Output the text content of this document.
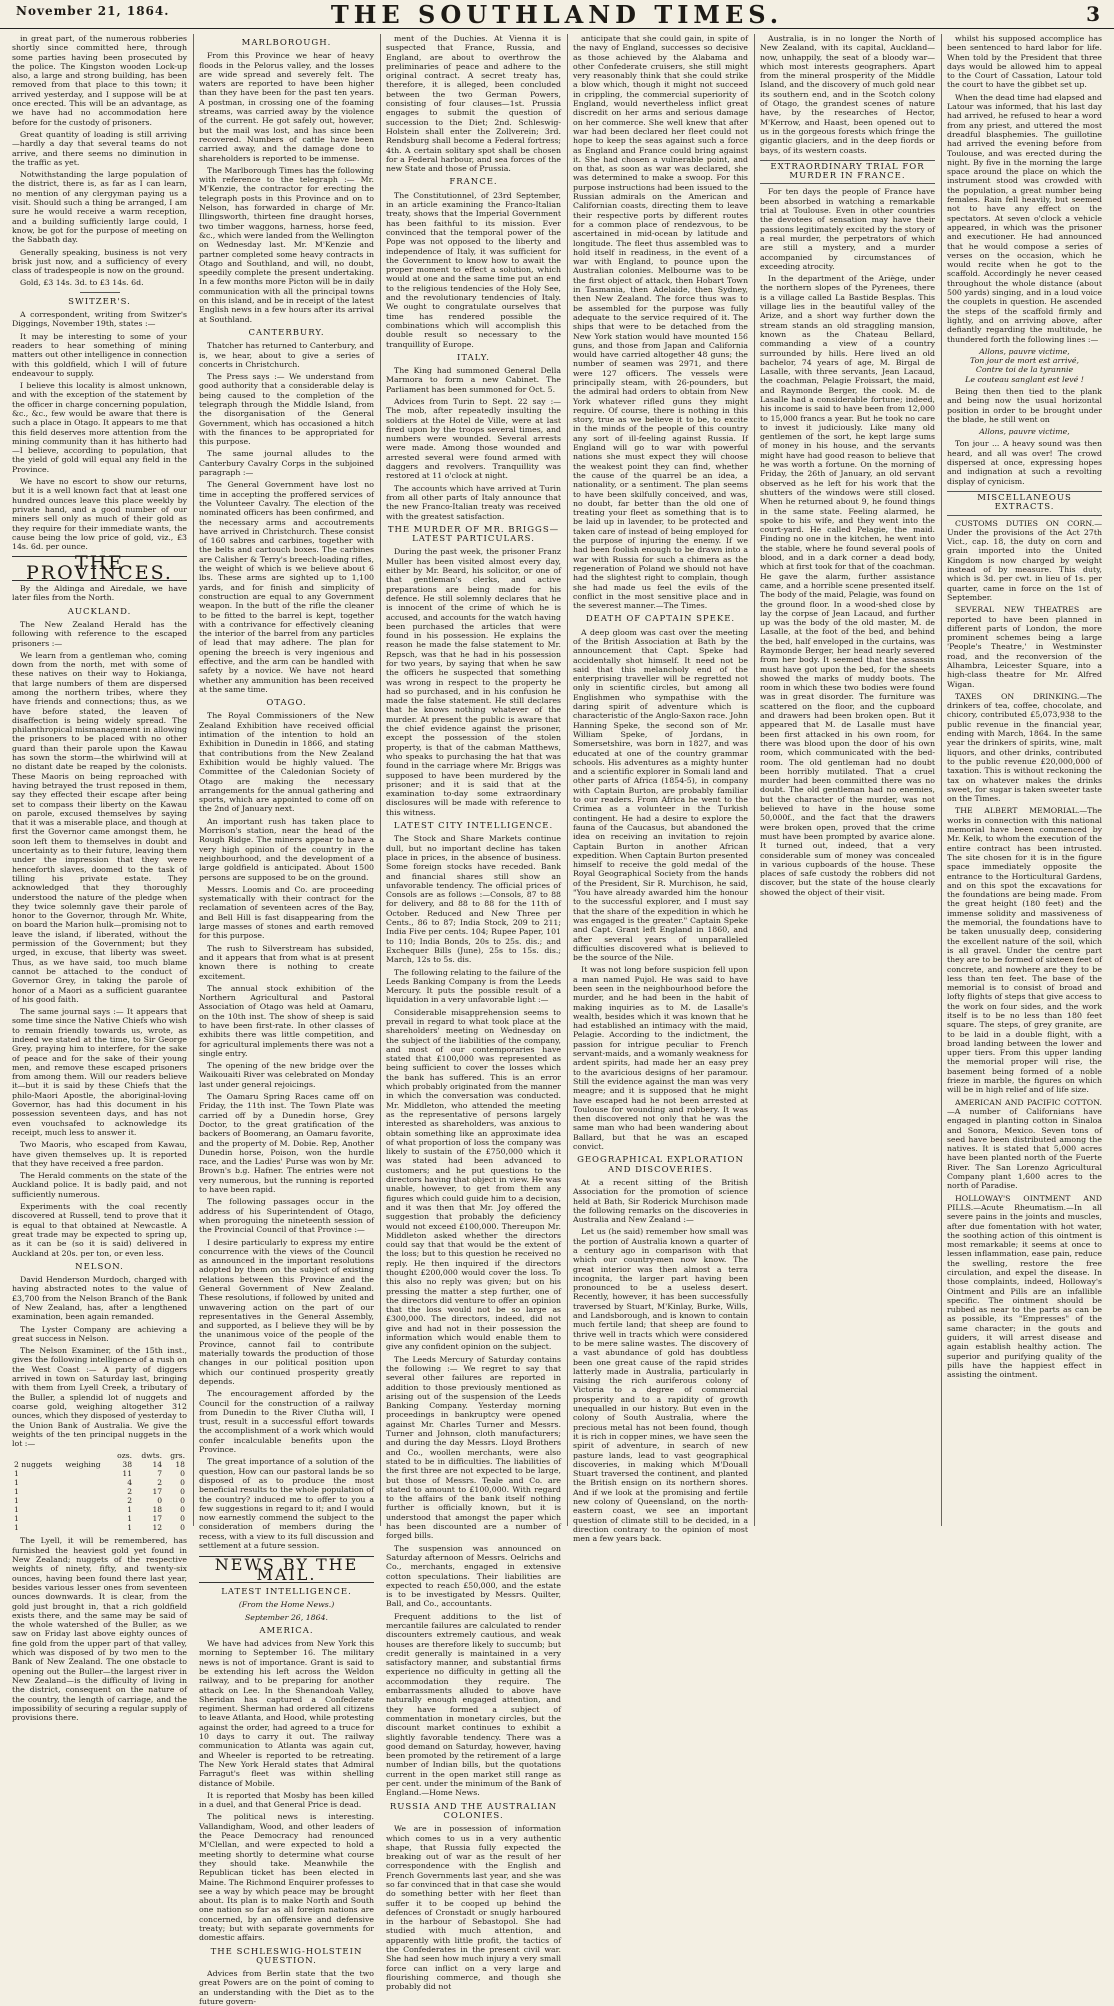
November 21, 1864.	THE SOUTHLAND TIMES.	3

in great part, of the numerous robberies shortly since committed here, through some parties having been prosecuted by the police. The Kingston wooden Lock-up also, a large and strong building, has been removed from that place to this town; it arrived yesterday, and I suppose will be at once erected. This will be an advantage, as we have had no accommodation here before for the custody of prisoners.

Great quantity of loading is still arriving—hardly a day that several teams do not arrive, and there seems no diminution in the traffic as yet.

Notwithstanding the large population of the district, there is, as far as I can learn, no mention of any clergyman paying us a visit. Should such a thing be arranged, I am sure he would receive a warm reception, and a building sufficiently large could, I know, be got for the purpose of meeting on the Sabbath day.

Generally speaking, business is not very brisk just now, and a sufficiency of every class of tradespeople is now on the ground.

Gold, £3 14s. 3d. to £3 14s. 6d.

SWITZER'S.

A correspondent, writing from Switzer's Diggings, November 19th, states :—

It may be interesting to some of your readers to hear something of mining matters out other intelligence in connection with this goldfield, which I will of future endeavour to supply.

I believe this locality is almost unknown, and with the exception of the statement by the officer in charge concerning population, &c., &c., few would be aware that there is such a place in Otago. It appears to me that this field deserves more attention from the mining community than it has hitherto had—I believe, according to population, that the yield of gold will equal any field in the Province.

We have no escort to show our returns, but it is a well known fact that at least one hundred ounces leave this place weekly by private hand, and a good number of our miners sell only as much of their gold as they require for their immediate wants, the cause being the low price of gold, viz., £3 14s. 6d. per ounce.

THE PROVINCES.

By the Aldinga and Airedale, we have later files from the North.

AUCKLAND.

The New Zealand Herald has the following with reference to the escaped prisoners :—

We learn from a gentleman who, coming down from the north, met with some of these natives on their way to Hokianga, that large numbers of them are dispersed among the northern tribes, where they have friends and connections; thus, as we have before stated, the leaven of disaffection is being widely spread. The philanthropical mismanagement in allowing the prisoners to be placed with no other guard than their parole upon the Kawau has sown the storm—the whirlwind will at no distant date be reaped by the colonists. These Maoris on being reproached with having betrayed the trust reposed in them, say they effected their escape after being set to compass their liberty on the Kawau on parole, excused themselves by saying that it was a miserable place, and though at first the Governor came amongst them, he soon left them to themselves in doubt and uncertainty as to their future, leaving them under the impression that they were henceforth slaves, doomed to the task of tilling his private estate. They acknowledged that they thoroughly understood the nature of the pledge when they twice solemnly gave their parole of honor to the Governor, through Mr. White, on board the Marion hulk—promising not to leave the island, if liberated, without the permission of the Government; but they urged, in excuse, that liberty was sweet. Thus, as we have said, too much blame cannot be attached to the conduct of Governor Grey, in taking the parole of honor of a Maori as a sufficient guarantee of his good faith.

The same journal says :— It appears that some time since the Native Chiefs who wish to remain friendly towards us, wrote, as indeed we stated at the time, to Sir George Grey, praying him to interfere, for the sake of peace and for the sake of their young men, and remove these escaped prisoners from among them. Will our readers believe it—but it is said by these Chiefs that the philo-Maori Apostle, the aboriginal-loving Governor, has had this document in his possession seventeen days, and has not even vouchsafed to acknowledge its receipt, much less to answer it.

Two Maoris, who escaped from Kawau, have given themselves up. It is reported that they have received a free pardon.

The Herald comments on the state of the Auckland police. It is badly paid, and not sufficiently numerous.

Experiments with the coal recently discovered at Russell, tend to prove that it is equal to that obtained at Newcastle. A great trade may be expected to spring up, as it can be (so it is said) delivered in Auckland at 20s. per ton, or even less.

NELSON.

David Henderson Murdoch, charged with having abstracted notes to the value of £3,700 from the Nelson Branch of the Bank of New Zealand, has, after a lengthened examination, been again remanded.

The Lyster Company are achieving a great success in Nelson.

The Nelson Examiner, of the 15th inst., gives the following intelligence of a rush on the West Coast :— A party of diggers arrived in town on Saturday last, bringing with them from Lyell Creek, a tributary of the Buller, a splendid lot of nuggets and coarse gold, weighing altogether 312 ounces, which they disposed of yesterday to the Union Bank of Australia. We give the weights of the ten principal nuggets in the lot :—

		ozs.	dwts.	grs.
2 nuggets	weighing	38	14	18
1		11	7	0
1		4	2	0
1		2	17	0
1		2	0	0
1		1	18	0
1		1	17	0
1		1	12	0

The Lyell, it will be remembered, has furnished the heaviest gold yet found in New Zealand; nuggets of the respective weights of ninety, fifty, and twenty-six ounces, having been found there last year, besides various lesser ones from seventeen ounces downwards. It is clear, from the gold just brought in, that a rich goldfield exists there, and the same may be said of the whole watershed of the Buller, as we saw on Friday last above eighty ounces of fine gold from the upper part of that valley, which was disposed of by two men to the Bank of New Zealand. The one obstacle to opening out the Buller—the largest river in New Zealand—is the difficulty of living in the district, consequent on the nature of the country, the length of carriage, and the impossibility of securing a regular supply of provisions there.

MARLBOROUGH.

From this Province we hear of heavy floods in the Pelorus valley, and the losses are wide spread and severely felt. The waters are reported to have been higher than they have been for the past ten years. A postman, in crossing one of the foaming streams, was carried away by the violence of the current. He got safely out, however, but the mail was lost, and has since been recovered. Numbers of cattle have been carried away, and the damage done to shareholders is reported to be immense.

The Marlborough Times has the following with reference to the telegraph :— Mr. M'Kenzie, the contractor for erecting the telegraph posts in this Province and on to Nelson, has forwarded in charge of Mr. Illingsworth, thirteen fine draught horses, two timber waggons, harness, horse feed, &c., which were landed from the Wellington on Wednesday last. Mr. M'Kenzie and partner completed some heavy contracts in Otago and Southland, and will, no doubt, speedily complete the present undertaking. In a few months more Picton will be in daily communication with all the principal towns on this island, and be in receipt of the latest English news in a few hours after its arrival at Southland.

CANTERBURY.

Thatcher has returned to Canterbury, and is, we hear, about to give a series of concerts in Christchurch.

The Press says :— We understand from good authority that a considerable delay is being caused to the completion of the telegraph through the Middle Island, from the disorganisation of the General Government, which has occasioned a hitch with the finances to be appropriated for this purpose.

The same journal alludes to the Canterbury Cavalry Corps in the subjoined paragraph :—

The General Government have lost no time in accepting the proffered services of the Volunteer Cavalry. The election of the nominated officers has been confirmed, and the necessary arms and accoutrements have arrived in Christchurch. These consist of 160 sabres and carbines, together with the belts and cartouch boxes. The carbines are Calisher & Terry's breech-loading rifles, the weight of which is we believe about 6 lbs. These arms are sighted up to 1,100 yards, and for finish and simplicity of construction are equal to any Government weapon. In the butt of the rifle the cleaner to be fitted to the barrel is kept, together with a contrivance for effectively cleaning the interior of the barrel from any particles of lead that may adhere. The plan for opening the breech is very ingenious and effective, and the arm can be handled with safety by a novice. We have not heard whether any ammunition has been received at the same time.

OTAGO.

The Royal Commissioners of the New Zealand Exhibition have received official intimation of the intention to hold an Exhibition in Dunedin in 1866, and stating that contributions from the New Zealand Exhibition would be highly valued. The Committee of the Caledonian Society of Otago are making the necessary arrangements for the annual gathering and sports, which are appointed to come off on the 2nd of January next.

An important rush has taken place to Morrison's station, near the head of the Rough Ridge. The miners appear to have a very high opinion of the country in the neighbourhood, and the development of a large goldfield is anticipated. About 1500 persons are supposed to be on the ground.

Messrs. Loomis and Co. are proceeding systematically with their contract for the reclamation of seventeen acres of the Bay, and Bell Hill is fast disappearing from the large masses of stones and earth removed for this purpose.

The rush to Silverstream has subsided, and it appears that from what is at present known there is nothing to create excitement.

The annual stock exhibition of the Northern Agricultural and Pastoral Association of Otago was held at Oamaru, on the 10th inst. The show of sheep is said to have been first-rate. In other classes of exhibits there was little competition, and for agricultural implements there was not a single entry.

The opening of the new bridge over the Waikouaiti River was celebrated on Monday last under general rejoicings.

The Oamaru Spring Races came off on Friday, the 11th inst. The Town Plate was carried off by a Dunedin horse, Grey Doctor, to the great gratification of the backers of Boomerang, an Oamaru favorite, and the property of M. Dobie. Rep, Another Dunedin horse, Poison, won the hurdle race, and the Ladies' Purse was won by Mr. Brown's b.g. Hafner. The entries were not very numerous, but the running is reported to have been rapid.

The following passages occur in the address of his Superintendent of Otago, when proroguing the nineteenth session of the Provincial Council of that Province :—

I desire particularly to express my entire concurrence with the views of the Council as announced in the important resolutions adopted by them on the subject of existing relations between this Province and the General Government of New Zealand. These resolutions, if followed by united and unwavering action on the part of our representatives in the General Assembly, and supported, as I believe they will be by the unanimous voice of the people of the Province, cannot fail to contribute materially towards the production of those changes in our political position upon which our continued prosperity greatly depends.

The encouragement afforded by the Council for the construction of a railway from Dunedin to the River Clutha will, I trust, result in a successful effort towards the accomplishment of a work which would confer incalculable benefits upon the Province.

The great importance of a solution of the question, How can our pastoral lands be so disposed of as to produce the most beneficial results to the whole population of the country? induced me to offer to you a few suggestions in regard to it; and I would now earnestly commend the subject to the consideration of members during the recess, with a view to its full discussion and settlement at a future session.

NEWS BY THE MAIL.
LATEST INTELLIGENCE.
(From the Home News.)
September 26, 1864.
AMERICA.

We have had advices from New York this morning to September 16. The military news is not of importance. Grant is said to be extending his left across the Weldon railway, and to be preparing for another attack on Lee. In the Shenandoah Valley, Sheridan has captured a Confederate regiment. Sherman had ordered all citizens to leave Atlanta, and Hood, while protesting against the order, had agreed to a truce for 10 days to carry it out. The railway communication to Atlanta was again cut, and Wheeler is reported to be retreating. The New York Herald states that Admiral Farragut's fleet was within shelling distance of Mobile.

It is reported that Mosby has been killed in a duel, and that General Price is dead.

The political news is interesting. Vallandigham, Wood, and other leaders of the Peace Democracy had renounced M'Clellan, and were expected to hold a meeting shortly to determine what course they should take. Meanwhile the Republican ticket has been elected in Maine. The Richmond Enquirer professes to see a way by which peace may be brought about. Its plan is to make North and South one nation so far as all foreign nations are concerned, by an offensive and defensive treaty; but with separate governments for domestic affairs.

THE SCHLESWIG-HOLSTEIN QUESTION.

Advices from Berlin state that the two great Powers are on the point of coming to an understanding with the Diet as to the future govern-

ment of the Duchies. At Vienna it is suspected that France, Russia, and England, are about to overthrow the preliminaries of peace and adhere to the original contract. A secret treaty has, therefore, it is alleged, been concluded between the two German Powers, consisting of four clauses—1st. Prussia engages to submit the question of succession to the Diet; 2nd. Schleswig-Holstein shall enter the Zollverein; 3rd. Rendsburg shall become a Federal fortress; 4th. A certain solitary spot shall be chosen for a Federal harbour, and sea forces of the new State and those of Prussia.

FRANCE.

The Constitutionnel, of 23rd September, in an article examining the Franco-Italian treaty, shows that the Imperial Government has been faithful to its mission. Ever convinced that the temporal power of the Pope was not opposed to the liberty and independence of Italy, it was sufficient for the Government to know how to await the proper moment to effect a solution, which would at one and the same time put an end to the religious tendencies of the Holy See, and the revolutionary tendencies of Italy. We ought to congratulate ourselves that time has rendered possible the combinations which will accomplish this double result so necessary to the tranquillity of Europe.

ITALY.

The King had summoned General Della Marmora to form a new Cabinet. The Parliament has been summoned for Oct. 5.

Advices from Turin to Sept. 22 say :— The mob, after repeatedly insulting the soldiers at the Hotel de Ville, were at last fired upon by the troops several times, and numbers were wounded. Several arrests were made. Among those wounded and arrested several were found armed with daggers and revolvers. Tranquillity was restored at 11 o'clock at night.

The accounts which have arrived at Turin from all other parts of Italy announce that the new Franco-Italian treaty was received with the greatest satisfaction.

THE MURDER OF MR. BRIGGS—LATEST PARTICULARS.

During the past week, the prisoner Franz Muller has been visited almost every day, either by Mr. Beard, his solicitor, or one of that gentleman's clerks, and active preparations are being made for his defence. He still solemnly declares that he is innocent of the crime of which he is accused, and accounts for the watch having been purchased the articles that were found in his possession. He explains the reason he made the false statement to Mr. Repsch, was that he had in his possession for two years, by saying that when he saw the officers he suspected that something was wrong in respect to the property he had so purchased, and in his confusion he made the false statement. He still declares that he knows nothing whatever of the murder. At present the public is aware that the chief evidence against the prisoner, except the possession of the stolen property, is that of the cabman Matthews, who speaks to purchasing the hat that was found in the carriage where Mr. Briggs was supposed to have been murdered by the prisoner; and it is said that at the examination to-day some extraordinary disclosures will be made with reference to this witness.

LATEST CITY INTELLIGENCE.

The Stock and Share Markets continue dull, but no important decline has taken place in prices, in the absence of business. Some foreign stocks have receded. Bank and financial shares still show an unfavorable tendency. The official prices of Consols are as follows :—Consols, 87 to 88 for delivery, and 88 to 88 for the 11th of October. Reduced and New Three per Cents., 86 to 87; India Stock, 209 to 211; India Five per cents. 104; Rupee Paper, 101 to 110; India Bonds, 20s to 25s. dis.; and Exchequer Bills (June), 25s to 15s. dis.; March, 12s to 5s. dis.

The following relating to the failure of the Leeds Banking Company is from the Leeds Mercury. It puts the possible result of a liquidation in a very unfavorable light :—

Considerable misapprehension seems to prevail in regard to what took place at the shareholders' meeting on Wednesday on the subject of the liabilities of the company, and most of our contemporaries have stated that £100,000 was represented as being sufficient to cover the losses which the bank has suffered. This is an error which probably originated from the manner in which the conversation was conducted. Mr. Middleton, who attended the meeting as the representative of persons largely interested as shareholders, was anxious to obtain something like an approximate idea of what proportion of loss the company was likely to sustain of the £750,000 which it was stated had been advanced to customers; and he put questions to the directors having that object in view. He was unable, however, to get from them any figures which could guide him to a decision, and it was then that Mr. Joy offered the suggestion that probably the deficiency would not exceed £100,000. Thereupon Mr. Middleton asked whether the directors could say that that would be the extent of the loss; but to this question he received no reply. He then inquired if the directors thought £200,000 would cover the loss. To this also no reply was given; but on his pressing the matter a step further, one of the directors did venture to offer an opinion that the loss would not be so large as £300,000. The directors, indeed, did not give and had not in their possession the information which would enable them to give any confident opinion on the subject.

The Leeds Mercury of Saturday contains the following :— We regret to say that several other failures are reported in addition to those previously mentioned as arising out of the suspension of the Leeds Banking Company. Yesterday morning proceedings in bankruptcy were opened against Mr. Charles Turner and Messrs. Turner and Johnson, cloth manufacturers; and during the day Messrs. Lloyd Brothers and Co., woollen merchants, were also stated to be in difficulties. The liabilities of the first three are not expected to be large, but those of Messrs. Teale and Co. are stated to amount to £100,000. With regard to the affairs of the bank itself nothing further is officially known, but it is understood that amongst the paper which has been discounted are a number of forged bills.

The suspension was announced on Saturday afternoon of Messrs. Oelrichs and Co., merchants, engaged in extensive cotton speculations. Their liabilities are expected to reach £50,000, and the estate is to be investigated by Messrs. Quilter, Ball, and Co., accountants.

Frequent additions to the list of mercantile failures are calculated to render discounters extremely cautious, and weak houses are therefore likely to succumb; but credit generally is maintained in a very satisfactory manner, and substantial firms experience no difficulty in getting all the accommodation they require. The embarrassments alluded to above have naturally enough engaged attention, and they have formed a subject of commentation in monetary circles, but the discount market continues to exhibit a slightly favorable tendency. There was a good demand on Saturday, however, having been promoted by the retirement of a large number of Indian bills, but the quotations current in the open market still range as per cent. under the minimum of the Bank of England.—Home News.

RUSSIA AND THE AUSTRALIAN COLONIES.

We are in possession of information which comes to us in a very authentic shape, that Russia fully expected the breaking out of war as the result of her correspondence with the English and French Governments last year, and she was so far convinced that in that case she would do something better with her fleet than suffer it to be cooped up behind the defences of Cronstadt or snugly harboured in the harbour of Sebastopol. She had studied with much attention, and apparently with little profit, the tactics of the Confederates in the present civil war. She had seen how much injury a very small force can inflict on a very large and flourishing commerce, and though she probably did not

anticipate that she could gain, in spite of the navy of England, successes so decisive as those achieved by the Alabama and other Confederate cruisers, she still might very reasonably think that she could strike a blow which, though it might not succeed in crippling, the commercial superiority of England, would nevertheless inflict great discredit on her arms and serious damage on her commerce. She well knew that after war had been declared her fleet could not hope to keep the seas against such a force as England and France could bring against it. She had chosen a vulnerable point, and on that, as soon as war was declared, she was determined to make a swoop. For this purpose instructions had been issued to the Russian admirals on the American and Californian coasts, directing them to leave their respective ports by different routes for a common place of rendezvous, to be ascertained in mid-ocean by latitude and longitude. The fleet thus assembled was to hold itself in readiness, in the event of a war with England, to pounce upon the Australian colonies. Melbourne was to be the first object of attack, then Hobart Town in Tasmania, then Adelaide, then Sydney, then New Zealand. The force thus was to be assembled for the purpose was fully adequate to the service required of it. The ships that were to be detached from the New York station would have mounted 156 guns, and those from Japan and California would have carried altogether 48 guns; the number of seamen was 2971, and there were 127 officers. The vessels were principally steam, with 26-pounders, but the admiral had orders to obtain from New York whatever rifled guns they might require. Of course, there is nothing in this story, true as we believe it to be, to excite in the minds of the people of this country any sort of ill-feeling against Russia. If England will go to war with powerful nations she must expect they will choose the weakest point they can find, whether the cause of the quarrel be an idea, a nationality, or a sentiment. The plan seems to have been skilfully conceived, and was, no doubt, far better than the old one of treating your fleet as something that is to be laid up in lavender, to be protected and taken care of instead of being employed for the purpose of injuring the enemy. If we had been foolish enough to be drawn into a war with Russia for such a chimera as the regeneration of Poland we should not have had the slightest right to complain, though she had made us feel the evils of the conflict in the most sensitive place and in the severest manner.—The Times.

DEATH OF CAPTAIN SPEKE.

A deep gloom was cast over the meeting of the British Association at Bath by the announcement that Capt. Speke had accidentally shot himself. It need not be said that this melancholy end of the enterprising traveller will be regretted not only in scientific circles, but among all Englishmen who sympathise with the daring spirit of adventure which is characteristic of the Anglo-Saxon race. John Hanning Speke, the second son of Mr. William Speke, of Jordans, in Somersetshire, was born in 1827, and was educated at one of the country grammar schools. His adventures as a mighty hunter and a scientific explorer in Somali land and other parts of Africa (1854-5), in company with Captain Burton, are probably familiar to our readers. From Africa he went to the Crimea as a volunteer in the Turkish contingent. He had a desire to explore the fauna of the Caucasus, but abandoned the idea on receiving an invitation to rejoin Captain Burton in another African expedition. When Captain Burton presented himself to receive the gold medal of the Royal Geographical Society from the hands of the President, Sir R. Murchison, he said, "You have already awarded him the honour to the successful explorer, and I must say that the share of the expedition in which he was engaged is the greater." Captain Speke and Capt. Grant left England in 1860, and after several years of unparalleled difficulties discovered what is believed to be the source of the Nile.

It was not long before suspicion fell upon a man named Pujol. He was said to have been seen in the neighbourhood before the murder, and he had been in the habit of making inquiries as to M. de Lasalle's wealth, besides which it was known that he had established an intimacy with the maid, Pelagie. According to the indictment, the passion for intrigue peculiar to French servant-maids, and a womanly weakness for ardent spirits, had made her an easy prey to the avaricious designs of her paramour. Still the evidence against the man was very meagre; and it is supposed that he might have escaped had he not been arrested at Toulouse for wounding and robbery. It was then discovered not only that he was the same man who had been wandering about Ballard, but that he was an escaped convict.

GEOGRAPHICAL EXPLORATION AND DISCOVERIES.

At a recent sitting of the British Association for the promotion of science held at Bath, Sir Roderick Murchison made the following remarks on the discoveries in Australia and New Zealand :—

Let us (he said) remember how small was the portion of Australia known a quarter of a century ago in comparison with that which our country-men now know. The great interior was then almost a terra incognita, the larger part having been pronounced to be a useless desert. Recently, however, it has been successfully traversed by Stuart, M'Kinlay, Burke, Wills, and Landsborough, and is known to contain much fertile land; that sheep are found to thrive well in tracts which were considered to be mere saline wastes. The discovery of a vast abundance of gold has doubtless been one great cause of the rapid strides latterly made in Australia, particularly in raising the rich auriferous colony of Victoria to a degree of commercial prosperity and to a rapidity of growth unequalled in our history. But even in the colony of South Australia, where the precious metal has not been found, though it is rich in copper mines, we have seen the spirit of adventure, in search of new pasture lands, lead to vast geographical discoveries, in making which M'Douall Stuart traversed the continent, and planted the British ensign on its northern shores. And if we look at the promising and fertile new colony of Queensland, on the north-eastern coast, we see an important question of climate still to be decided, in a direction contrary to the opinion of most men a few years back.

Australia, is in no longer the North of New Zealand, with its capital, Auckland—now, unhappily, the seat of a bloody war—which most interests geographers. Apart from the mineral prosperity of the Middle Island, and the discovery of much gold near its southern end, and in the Scotch colony of Otago, the grandest scenes of nature have, by the researches of Hector, M'Kerrow, and Haast, been opened out to us in the gorgeous forests which fringe the gigantic glaciers, and in the deep fiords or bays, of its western coasts.

EXTRAORDINARY TRIAL FOR MURDER IN FRANCE.

For ten days the people of France have been absorbed in watching a remarkable trial at Toulouse. Even in other countries the devotees of sensation may have their passions legitimately excited by the story of a real murder, the perpetrators of which are still a mystery, and a murder accompanied by circumstances of exceeding atrocity.

In the department of the Ariège, under the northern slopes of the Pyrenees, there is a village called La Bastide Besplas. This village lies in the beautiful valley of the Arize, and a short way further down the stream stands an old straggling mansion, known as the Chateau Bellard, commanding a view of a country surrounded by hills. Here lived an old bachelor, 74 years of age, M. Birgal de Lasalle, with three servants, Jean Lacaud, the coachman, Pelagie Froissart, the maid, and Raymonde Berger, the cook. M. de Lasalle had a considerable fortune; indeed, his income is said to have been from 12,000 to 15,000 francs a year. But he took no care to invest it judiciously. Like many old gentlemen of the sort, he kept large sums of money in his house, and the servants might have had good reason to believe that he was worth a fortune. On the morning of Friday, the 26th of January, an old servant observed as he left for his work that the shutters of the windows were still closed. When he returned about 9, he found things in the same state. Feeling alarmed, he spoke to his wife, and they went into the court-yard. He called Pelagie, the maid. Finding no one in the kitchen, he went into the stable, where he found several pools of blood, and in a dark corner a dead body, which at first took for that of the coachman. He gave the alarm, further assistance came, and a horrible scene presented itself. The body of the maid, Pelagie, was found on the ground floor. In a wood-shed close by lay the corpse of Jean Lacaud, and further up was the body of the old master, M. de Lasalle, at the foot of the bed, and behind the bed, half enveloped in the curtains, was Raymonde Berger, her head nearly severed from her body. It seemed that the assassin must have got upon the bed, for the sheets showed the marks of muddy boots. The room in which these two bodies were found was in great disorder. The furniture was scattered on the floor, and the cupboard and drawers had been broken open. But it appeared that M. de Lasalle must have been first attacked in his own room, for there was blood upon the door of his own room, which communicated with the bed-room. The old gentleman had no doubt been horribly mutilated. That a cruel murder had been committed there was no doubt. The old gentleman had no enemies, but the character of the murder, was not believed to have in the house some 50,000f., and the fact that the drawers were broken open, proved that the crime must have been prompted by avarice alone. It turned out, indeed, that a very considerable sum of money was concealed in various cupboards of the house. These places of safe custody the robbers did not discover, but the state of the house clearly showed the object of their visit.

whilst his supposed accomplice has been sentenced to hard labor for life. When told by the President that three days would be allowed him to appeal to the Court of Cassation, Latour told the court to have the gibbet set up.

When the dead time had elapsed and Latour was informed, that his last day had arrived, he refused to hear a word from any priest, and uttered the most dreadful blasphemies. The guillotine had arrived the evening before from Toulouse, and was erected during the night. By five in the morning the large space around the place on which the instrument stood was crowded with the population, a great number being females. Rain fell heavily, but seemed not to have any effect on the spectators. At seven o'clock a vehicle appeared, in which was the prisoner and executioner. He had announced that he would compose a series of verses on the occasion, which he would recite when he got to the scaffold. Accordingly he never ceased throughout the whole distance (about 500 yards) singing, and in a loud voice the couplets in question. He ascended the steps of the scaffold firmly and lightly, and on arriving above, after defiantly regarding the multitude, he thundered forth the following lines :—

Allons, pauvre victime,
Ton jour de mort est arrivé,
Contre toi de la tyrannie
Le couteau sanglant est levé !

Being then then tied to the plank and being now the usual horizontal position in order to be brought under the blade, he still went on

Allons, pauvre victime,

Ton jour ... A heavy sound was then heard, and all was over! The crowd dispersed at once, expressing hopes and indignation at such a revolting display of cynicism.

MISCELLANEOUS EXTRACTS.

CUSTOMS DUTIES ON CORN.—Under the provisions of the Act 27th Vict., cap. 18, the duty on corn and grain imported into the United Kingdom is now charged by weight instead of by measure. This duty, which is 3d. per cwt. in lieu of 1s. per quarter, came in force on the 1st of September.

SEVERAL NEW THEATRES are reported to have been planned in different parts of London, the more prominent schemes being a large 'People's Theatre,' in Westminster road, and the reconversion of the Alhambra, Leicester Square, into a high-class theatre for Mr. Alfred Wigan.

TAXES ON DRINKING.—The drinkers of tea, coffee, chocolate, and chicory, contributed £5,073,938 to the public revenue in the financial year, ending with March, 1864. In the same year the drinkers of spirits, wine, malt liquors, and other drinks, contributed to the public revenue £20,000,000 of taxation. This is without reckoning the tax on whatever makes the drinks sweet, for sugar is taken sweeter taste on the Times.

THE ALBERT MEMORIAL.—The works in connection with this national memorial have been commenced by Mr. Kelk, to whom the execution of the entire contract has been intrusted. The site chosen for it is in the figure space immediately opposite the entrance to the Horticultural Gardens, and on this spot the excavations for the foundations are being made. From the great height (180 feet) and the immense solidity and massiveness of the memorial, the foundations have to be taken unusually deep, considering the excellent nature of the soil, which is all gravel. Under the centre part they are to be formed of sixteen feet of concrete, and nowhere are they to be less than ten feet. The base of the memorial is to consist of broad and lofty flights of steps that give access to the work on four sides, and the work itself is to be no less than 180 feet square. The steps, of grey granite, are to be laid in a double flight, with a broad landing between the lower and upper tiers. From this upper landing the memorial proper will rise, the basement being formed of a noble frieze in marble, the figures on which will be in high relief and of life size.

AMERICAN AND PACIFIC COTTON.—A number of Californians have engaged in planting cotton in Sinaloa and Sonora, Mexico. Seven tons of seed have been distributed among the natives. It is stated that 5,000 acres have been planted north of the Fuerte River. The San Lorenzo Agricultural Company plant 1,600 acres to the north of Paradise.

HOLLOWAY'S OINTMENT AND PILLS.—Acute Rheumatism.—In all severe pains in the joints and muscles, after due fomentation with hot water, the soothing action of this ointment is most remarkable; it seems at once to lessen inflammation, ease pain, reduce the swelling, restore the free circulation, and expel the disease. In those complaints, indeed, Holloway's Ointment and Pills are an infallible specific. The ointment should be rubbed as near to the parts as can be as possible, its "Empresses" of the same character; in the gouts and guiders, it will arrest disease and again establish healthy action. The superior and purifying quality of the pills have the happiest effect in assisting the ointment.
